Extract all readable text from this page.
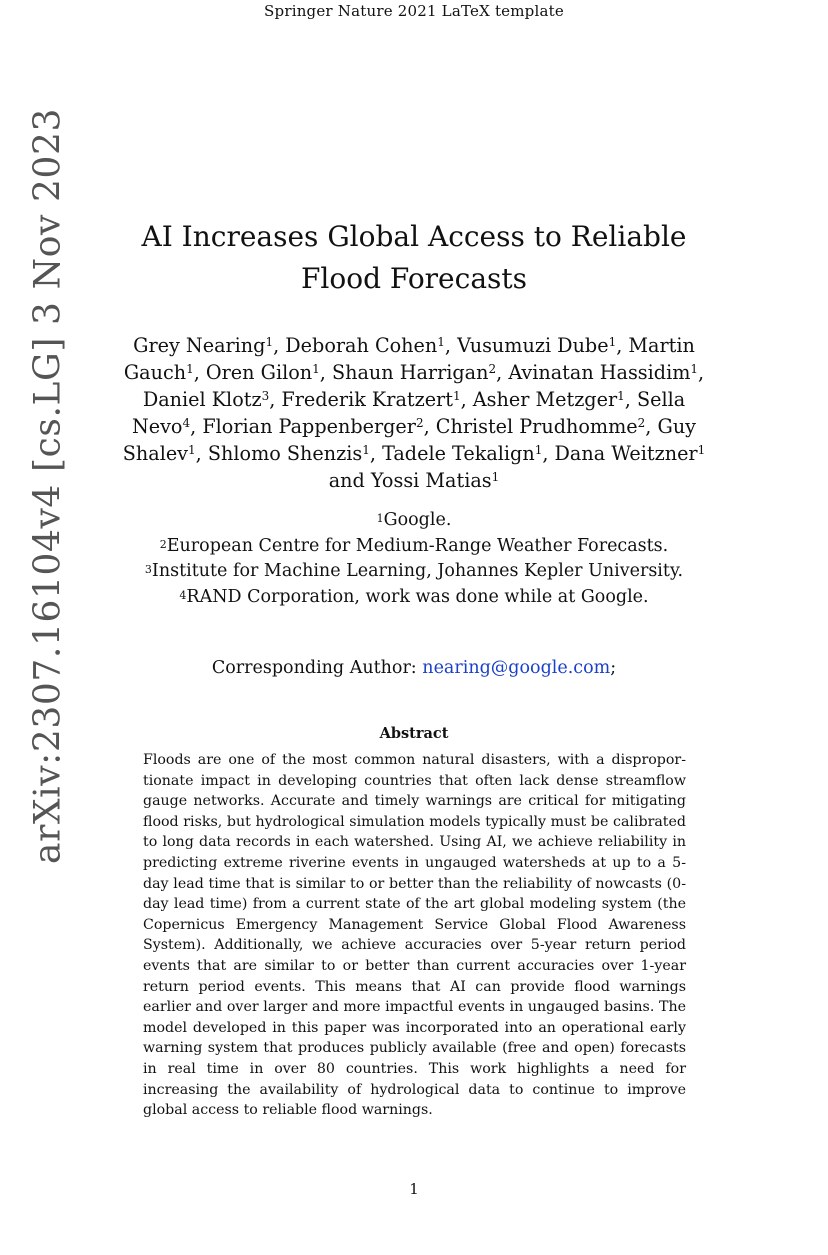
Springer Nature 2021 LaTeX template
arXiv:2307.16104v4 [cs.LG] 3 Nov 2023	AI Increases Global Access to Reliable Flood Forecasts
Grey Nearing$^1$, Deborah Cohen$^1$, Vusumuzi Dube$^1$, Martin Gauch$^1$, Oren Gilon$^1$, Shaun Harrigan$^2$, Avinatan Hassidim$^1$, Daniel Klotz$^3$, Frederik Kratzert$^1$, Asher Metzger$^1$, Sella Nevo$^4$, Florian Pappenberger$^2$, Christel Prudhomme$^2$, Guy Shalev$^1$, Shlomo Shenzis$^1$, Tadele Tekalign$^1$, Dana Weitzner$^1$ and Yossi Matias$^1$
$^1$Google.
$^2$European Centre for Medium-Range Weather Forecasts.
$^3$Institute for Machine Learning, Johannes Kepler University.
$^4$RAND Corporation, work was done while at Google.
Corresponding Author: nearing@google.com;
Abstract
Floods are one of the most common natural disasters, with a disproportionate impact in developing countries that often lack dense streamflow gauge networks. Accurate and timely warnings are critical for mitigating flood risks, but hydrological simulation models typically must be calibrated to long data records in each watershed. Using AI, we achieve reliability in predicting extreme riverine events in ungauged watersheds at up to a 5-day lead time that is similar to or better than the reliability of nowcasts (0-day lead time) from a current state of the art global modeling system (the Copernicus Emergency Management Service Global Flood Awareness System). Additionally, we achieve accuracies over 5-year return period events that are similar to or better than current accuracies over 1-year return period events. This means that AI can provide flood warnings earlier and over larger and more impactful events in ungauged basins. The model developed in this paper was incorporated into an operational early warning system that produces publicly available (free and open) forecasts in real time in over 80 countries. This work highlights a need for increasing the availability of hydrological data to continue to improve global access to reliable flood warnings.
1
